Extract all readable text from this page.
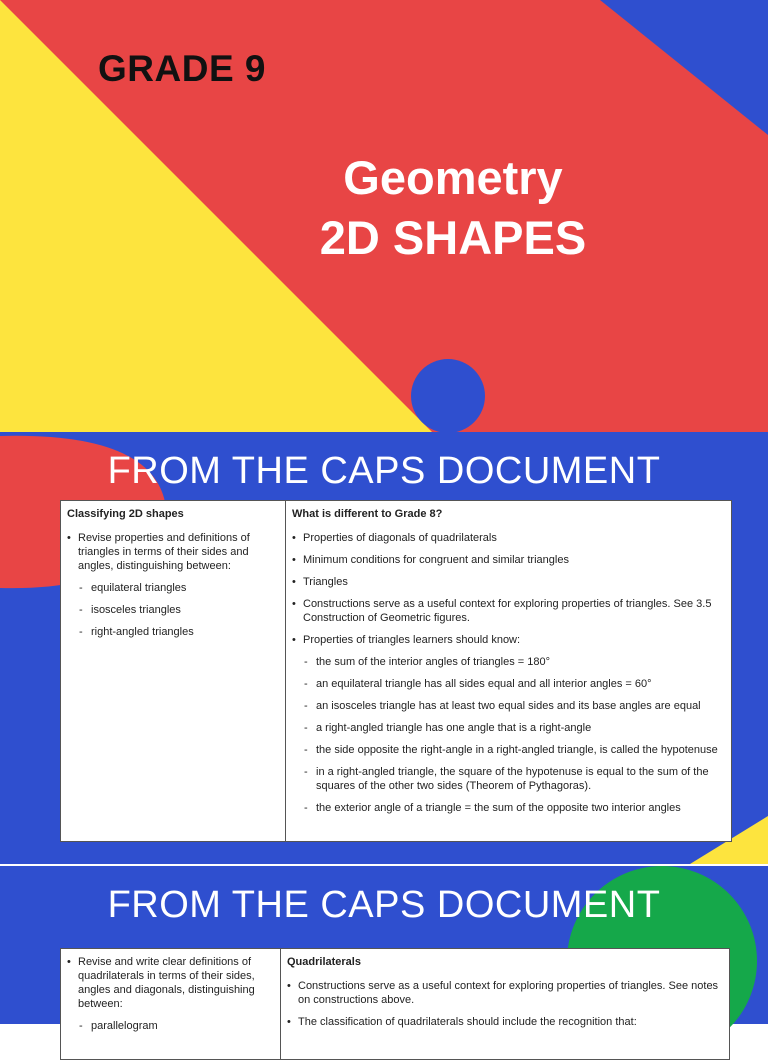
GRADE 9
Geometry
2D SHAPES
FROM THE CAPS DOCUMENT
Classifying 2D shapes
• Revise properties and definitions of triangles in terms of their sides and angles, distinguishing between:
- equilateral triangles
- isosceles triangles
- right-angled triangles
What is different to Grade 8?
• Properties of diagonals of quadrilaterals
• Minimum conditions for congruent and similar triangles
• Triangles
• Constructions serve as a useful context for exploring properties of triangles. See 3.5 Construction of Geometric figures.
• Properties of triangles learners should know:
- the sum of the interior angles of triangles = 180°
- an equilateral triangle has all sides equal and all interior angles = 60°
- an isosceles triangle has at least two equal sides and its base angles are equal
- a right-angled triangle has one angle that is a right-angle
- the side opposite the right-angle in a right-angled triangle, is called the hypotenuse
- in a right-angled triangle, the square of the hypotenuse is equal to the sum of the squares of the other two sides (Theorem of Pythagoras).
- the exterior angle of a triangle = the sum of the opposite two interior angles
FROM THE CAPS DOCUMENT
• Revise and write clear definitions of quadrilaterals in terms of their sides, angles and diagonals, distinguishing between:
- parallelogram
Quadrilaterals
• Constructions serve as a useful context for exploring properties of triangles. See notes on constructions above.
• The classification of quadrilaterals should include the recognition that:
